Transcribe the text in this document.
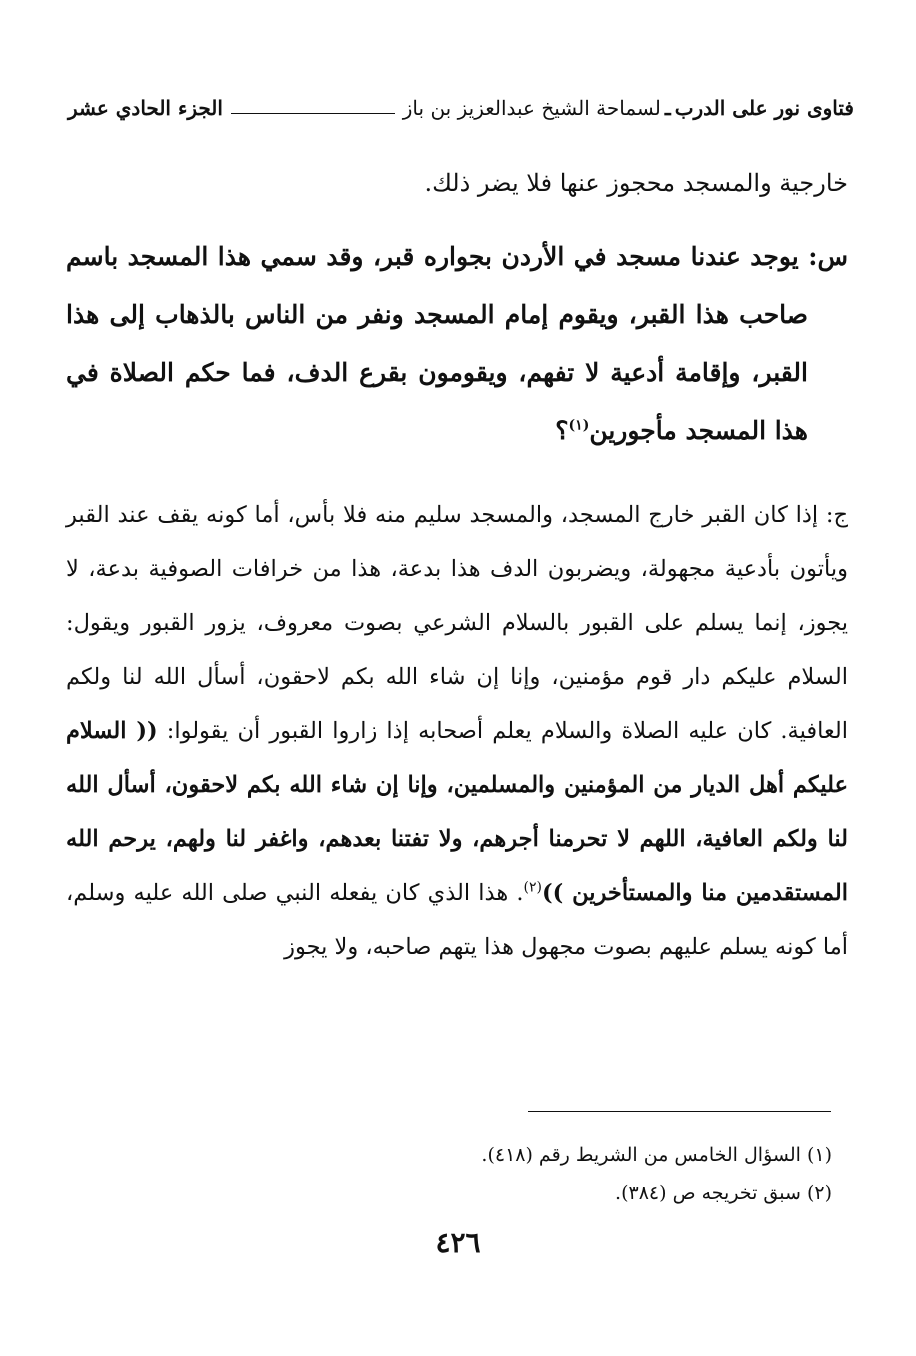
فتاوى نور على الدرب
ـ
لسماحة الشيخ عبدالعزيز بن باز
الجزء الحادي عشر
خارجية والمسجد محجوز عنها فلا يضر ذلك.
س: يوجد عندنا مسجد في الأردن بجواره قبر، وقد سمي هذا المسجد باسم صاحب هذا القبر، ويقوم إمام المسجد ونفر من الناس بالذهاب إلى هذا القبر، وإقامة أدعية لا تفهم، ويقومون بقرع الدف، فما حكم الصلاة في هذا المسجد مأجورين$^{(١)}$؟
ج: إذا كان القبر خارج المسجد، والمسجد سليم منه فلا بأس، أما كونه يقف عند القبر ويأتون بأدعية مجهولة، ويضربون الدف هذا بدعة، هذا من خرافات الصوفية بدعة، لا يجوز، إنما يسلم على القبور بالسلام الشرعي بصوت معروف، يزور القبور ويقول: السلام عليكم دار قوم مؤمنين، وإنا إن شاء الله بكم لاحقون، أسأل الله لنا ولكم العافية. كان عليه الصلاة والسلام يعلم أصحابه إذا زاروا القبور أن يقولوا: (( السلام عليكم أهل الديار من المؤمنين والمسلمين، وإنا إن شاء الله بكم لاحقون، أسأل الله لنا ولكم العافية، اللهم لا تحرمنا أجرهم، ولا تفتنا بعدهم، واغفر لنا ولهم، يرحم الله المستقدمين منا والمستأخرين ))$^{(٢)}$. هذا الذي كان يفعله النبي صلى الله عليه وسلم، أما كونه يسلم عليهم بصوت مجهول هذا يتهم صاحبه، ولا يجوز
(١) السؤال الخامس من الشريط رقم (٤١٨).
(٢) سبق تخريجه ص (٣٨٤).
٤٢٦
